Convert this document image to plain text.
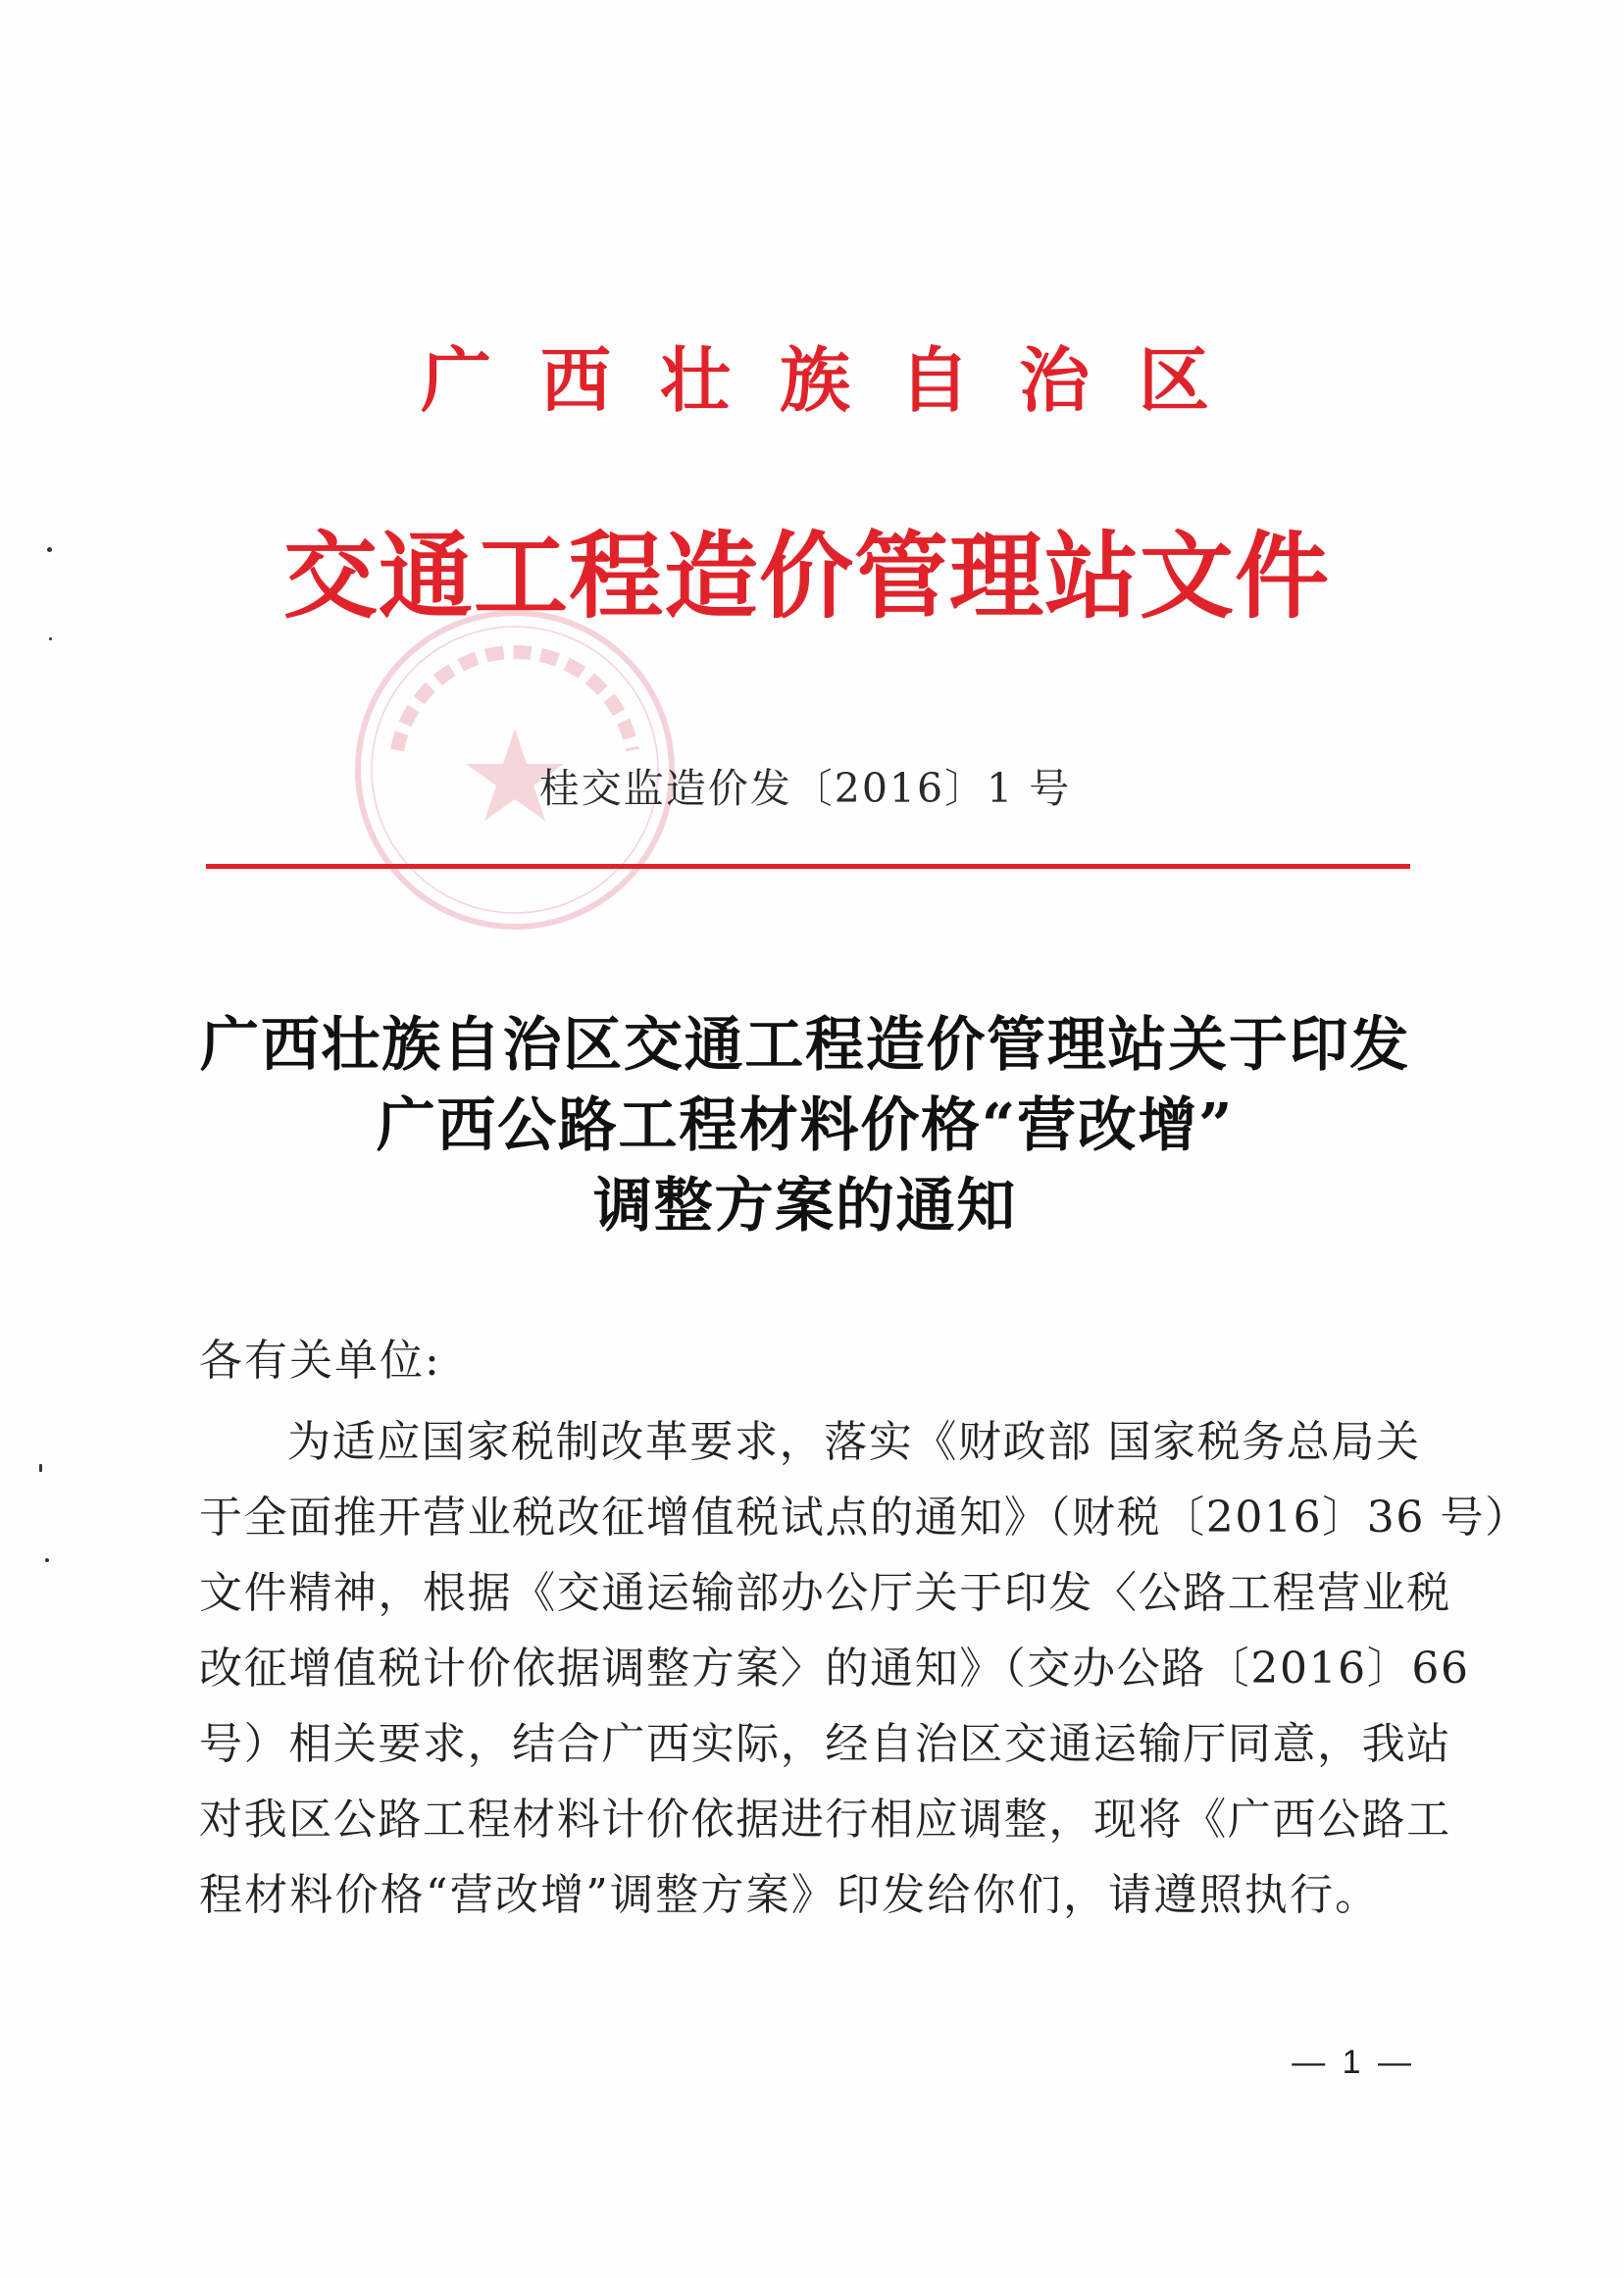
广西壮族自治区
交通工程造价管理站文件
桂交监造价发〔2016〕1 号
广西壮族自治区交通工程造价管理站关于印发
广西公路工程材料价格“营改增”
调整方案的通知
各有关单位:
为适应国家税制改革要求，落实《财政部 国家税务总局关
于全面推开营业税改征增值税试点的通知》（财税〔2016〕36 号）
文件精神，根据《交通运输部办公厅关于印发〈公路工程营业税
改征增值税计价依据调整方案〉的通知》（交办公路〔2016〕66
号）相关要求，结合广西实际，经自治区交通运输厅同意，我站
对我区公路工程材料计价依据进行相应调整，现将《广西公路工
程材料价格“营改增”调整方案》印发给你们，请遵照执行。
— 1 —
